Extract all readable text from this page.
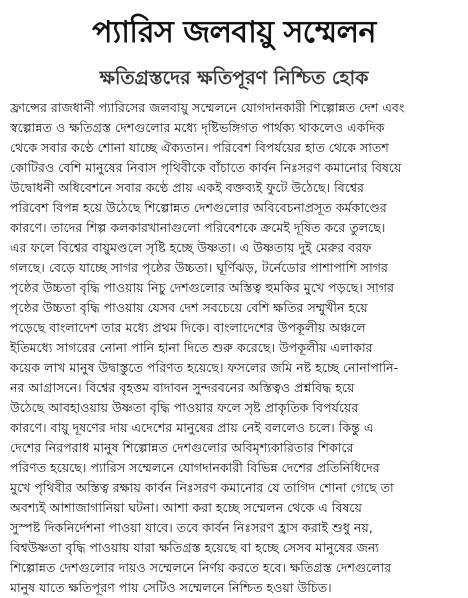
প্যারিস জলবায়ু সম্মেলন
ক্ষতিগ্রস্তদের ক্ষতিপূরণ নিশ্চিত হোক
ফ্রান্সের রাজধানী প্যারিসের জলবায়ু সম্মেলনে যোগদানকারী শিল্পোন্নত দেশ এবং
স্বল্পোন্নত ও ক্ষতিগ্রস্ত দেশগুলোর মধ্যে দৃষ্টিভঙ্গিগত পার্থক্য থাকলেও একদিক
থেকে সবার কণ্ঠে শোনা যাচ্ছে ঐক্যতান। পরিবেশ বিপর্যয়ের হাত থেকে সাতশ
কোটিরও বেশি মানুষের নিবাস পৃথিবীকে বাঁচাতে কার্বন নিঃসরণ কমানোর বিষয়ে
উদ্বোধনী অধিবেশনে সবার কণ্ঠে প্রায় একই বক্তব্যই ফুটে উঠেছে। বিশ্বের
পরিবেশ বিপন্ন হয়ে উঠেছে শিল্পোন্নত দেশগুলোর অবিবেচনাপ্রসূত কর্মকাণ্ডের
কারণে। তাদের শিল্প কলকারখানাগুলো পরিবেশকে ক্রমেই দূষিত করে তুলছে।
এর ফলে বিশ্বের বায়ুমণ্ডলে সৃষ্টি হচ্ছে উষ্ণতা। এ উষ্ণতায় দুই মেরুর বরফ
গলছে। বেড়ে যাচ্ছে সাগর পৃষ্ঠের উচ্চতা। ঘূর্ণিঝড়, টর্নেডোর পাশাপাশি সাগর
পৃষ্ঠের উচ্চতা বৃদ্ধি পাওয়ায় নিচু দেশগুলোর অস্তিত্ব হুমকির মুখে পড়ছে। সাগর
পৃষ্ঠের উচ্চতা বৃদ্ধি পাওয়ায় যেসব দেশ সবচেয়ে বেশি ক্ষতির সম্মুখীন হয়ে
পড়েছে বাংলাদেশ তার মধ্যে প্রথম দিকে। বাংলাদেশের উপকূলীয় অঞ্চলে
ইতিমধ্যে সাগরের নোনা পানি হানা দিতে শুরু করেছে। উপকূলীয় এলাকার
কয়েক লাখ মানুষ উদ্বাস্তুতে পরিণত হয়েছে। ফসলের জমি নষ্ট হচ্ছে নোনাপানি-
নর আগ্রাসনে। বিশ্বের বৃহত্তম বাদাবন সুন্দরবনের অস্তিত্বও প্রশ্নবিদ্ধ হয়ে
উঠেছে আবহাওয়ায় উষ্ণতা বৃদ্ধি পাওয়ার ফলে সৃষ্ট প্রাকৃতিক বিপর্যয়ের
কারণে। বায়ু দূষণের দায় এদেশের মানুষের প্রায় নেই বললেও চলে। কিন্তু এ
দেশের নিরপরাধ মানুষ শিল্পোন্নত দেশগুলোর অবিমৃশ্যকারিতার শিকারে
পরিণত হয়েছে। প্যারিস সম্মেলনে যোগদানকারী বিভিন্ন দেশের প্রতিনিধিদের
মুখে পৃথিবীর অস্তিত্ব রক্ষায় কার্বন নিঃসরণ কমানোর যে তাগিদ শোনা গেছে তা
অবশ্যই আশাজাগানিয়া ঘটনা। আশা করা হচ্ছে সম্মেলন থেকে এ বিষয়ে
সুস্পষ্ট দিকনির্দেশনা পাওয়া যাবে। তবে কার্বন নিঃসরণ হ্রাস করাই শুধু নয়,
বিশ্বউষ্ণতা বৃদ্ধি পাওয়ায় যারা ক্ষতিগ্রস্ত হয়েছে বা হচ্ছে সেসব মানুষের জন্য
শিল্পোন্নত দেশগুলোর দায়ও সম্মেলনে নির্ণয় করতে হবে। ক্ষতিগ্রস্ত দেশগুলোর
মানুষ যাতে ক্ষতিপূরণ পায় সেটিও সম্মেলনে নিশ্চিত হওয়া উচিত।
